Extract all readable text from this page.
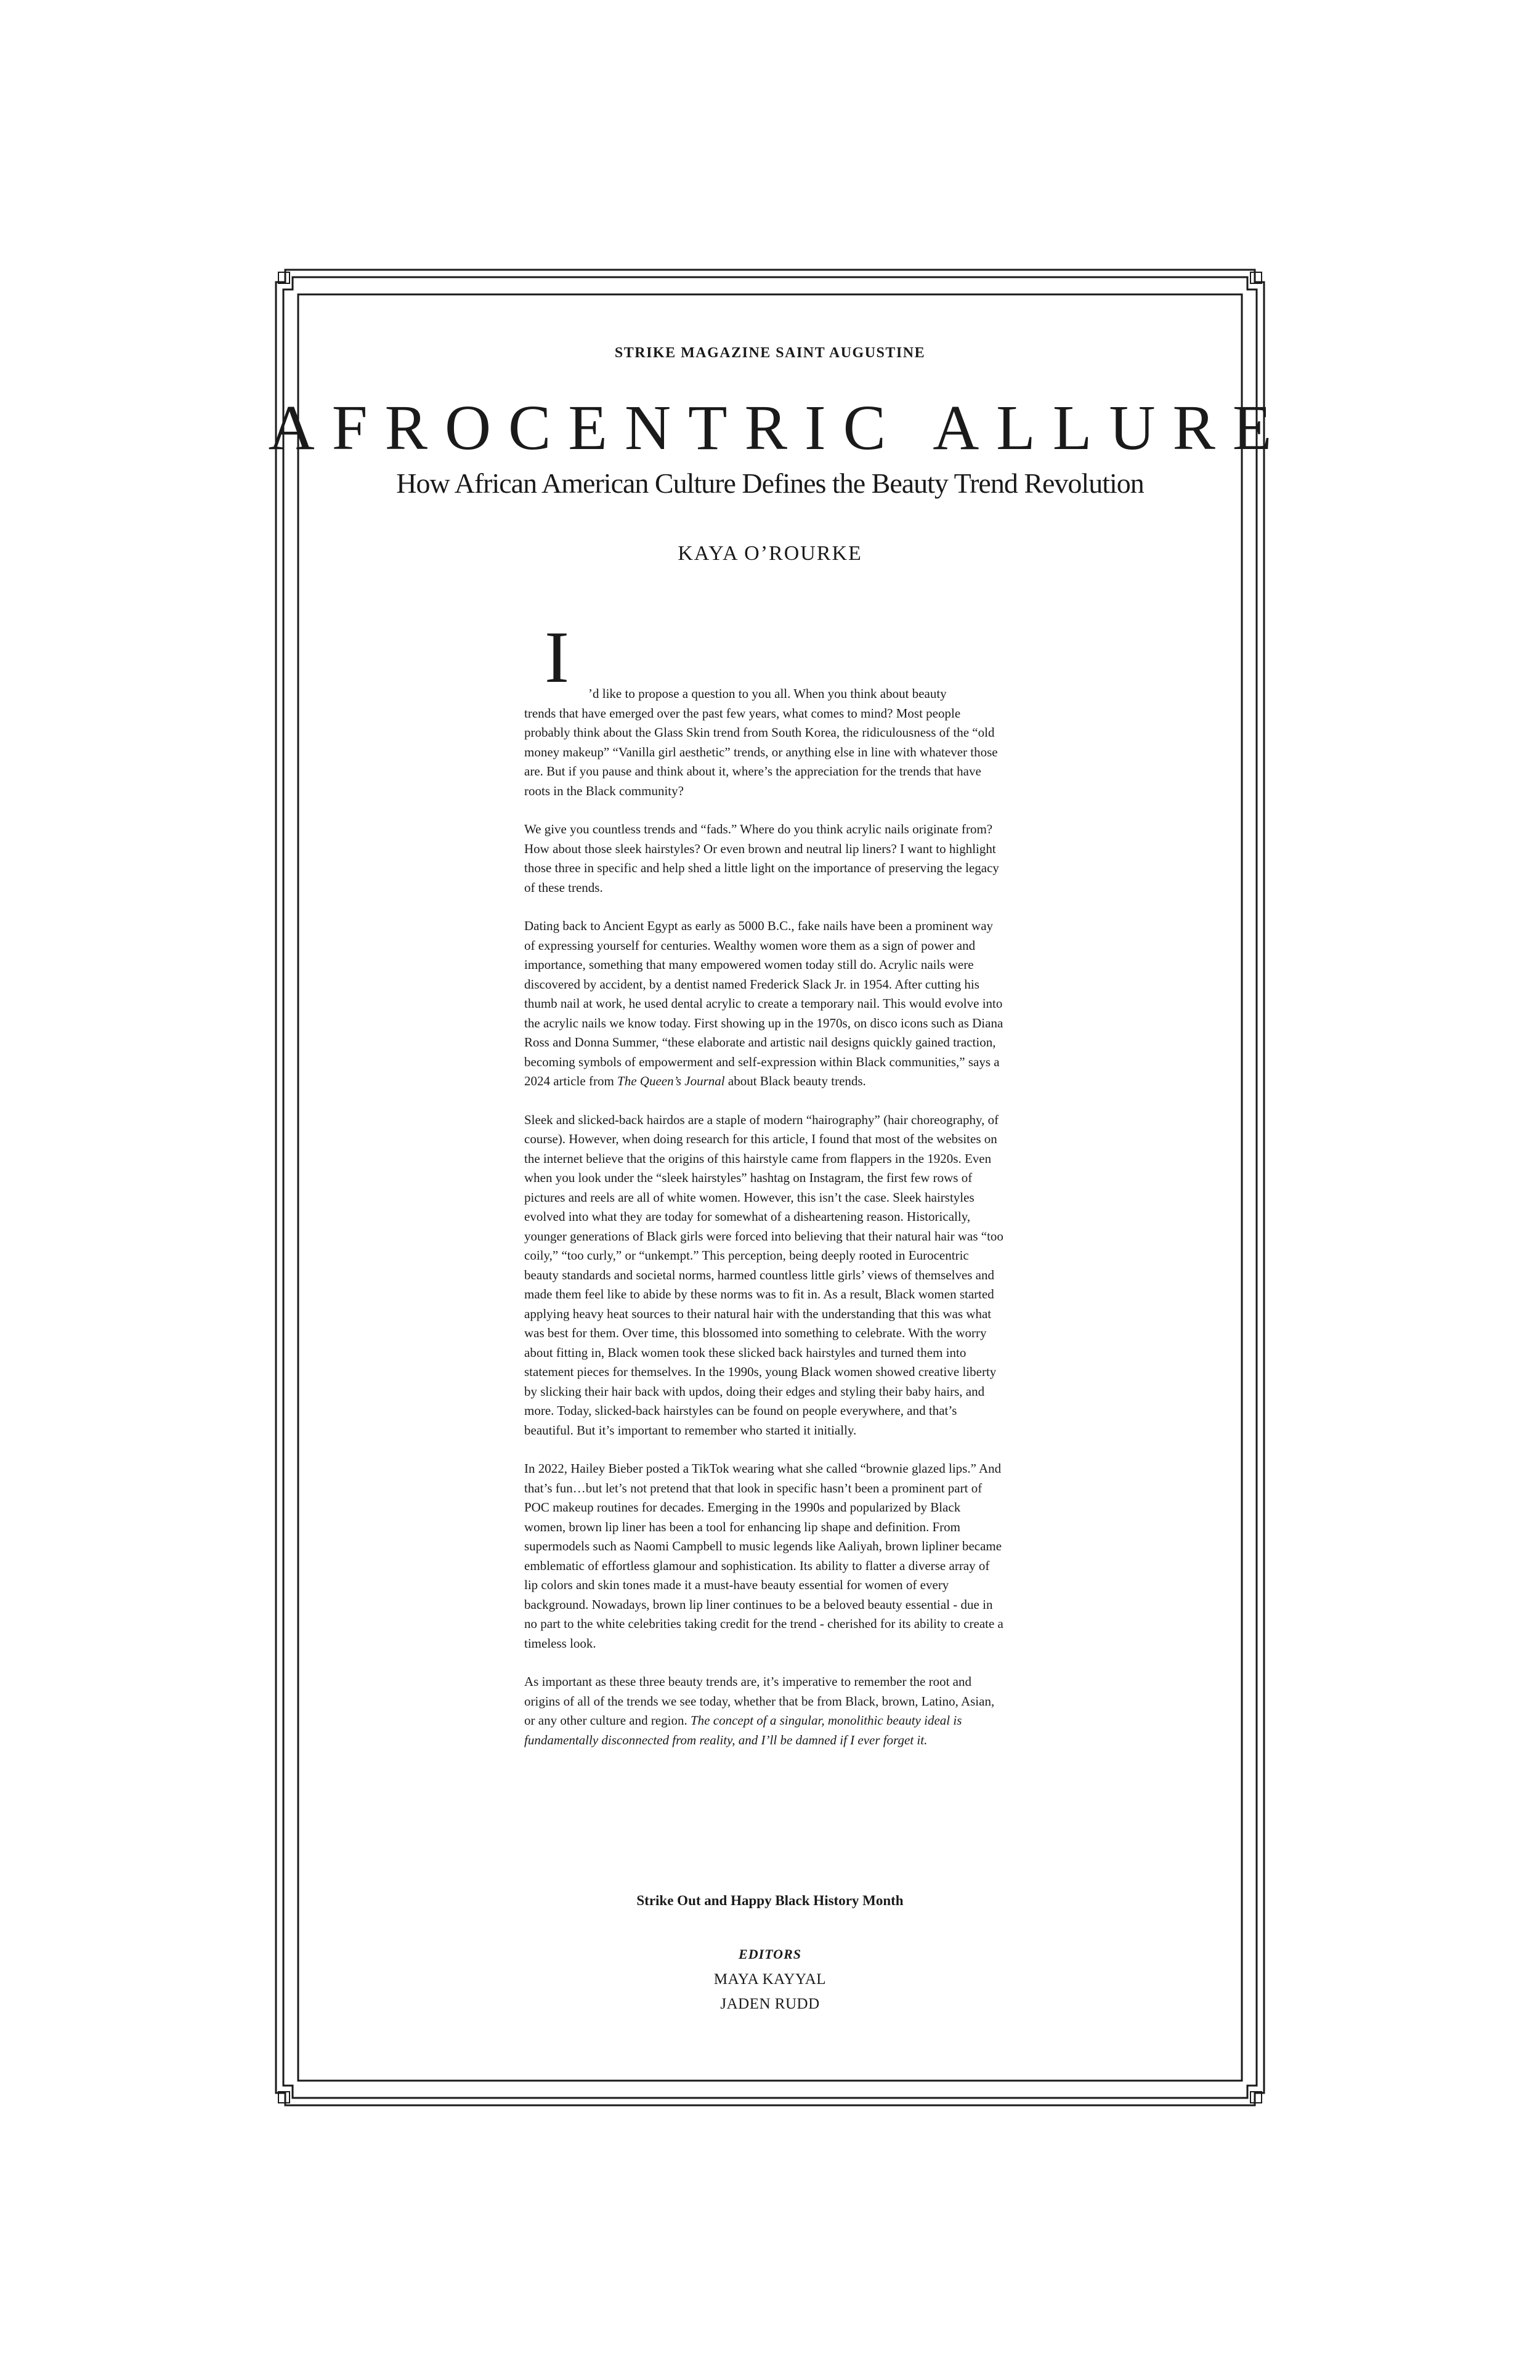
STRIKE MAGAZINE SAINT AUGUSTINE
AFROCENTRIC ALLURE
How African American Culture Defines the Beauty Trend Revolution
KAYA O’ROURKE

I	’d like to propose a question to you all. When you think about beauty
trends that have emerged over the past few years, what comes to mind? Most people probably think about the Glass Skin trend from South Korea, the ridiculousness of the “old money makeup” “Vanilla girl aesthetic” trends, or anything else in line with whatever those are. But if you pause and think about it, where’s the appreciation for the trends that have roots in the Black community?

We give you countless trends and “fads.” Where do you think acrylic nails originate from? How about those sleek hairstyles? Or even brown and neutral lip liners? I want to highlight those three in specific and help shed a little light on the importance of preserving the legacy of these trends.

Dating back to Ancient Egypt as early as 5000 B.C., fake nails have been a prominent way of expressing yourself for centuries. Wealthy women wore them as a sign of power and importance, something that many empowered women today still do. Acrylic nails were discovered by accident, by a dentist named Frederick Slack Jr. in 1954. After cutting his thumb nail at work, he used dental acrylic to create a temporary nail. This would evolve into the acrylic nails we know today. First showing up in the 1970s, on disco icons such as Diana Ross and Donna Summer, “these elaborate and artistic nail designs quickly gained traction, becoming symbols of empowerment and self-expression within Black communities,” says a 2024 article from The Queen’s Journal about Black beauty trends.

Sleek and slicked-back hairdos are a staple of modern “hairography” (hair choreography, of course). However, when doing research for this article, I found that most of the websites on the internet believe that the origins of this hairstyle came from flappers in the 1920s. Even when you look under the “sleek hairstyles” hashtag on Instagram, the first few rows of pictures and reels are all of white women. However, this isn’t the case. Sleek hairstyles evolved into what they are today for somewhat of a disheartening reason. Historically, younger generations of Black girls were forced into believing that their natural hair was “too coily,” “too curly,” or “unkempt.” This perception, being deeply rooted in Eurocentric beauty standards and societal norms, harmed countless little girls’ views of themselves and made them feel like to abide by these norms was to fit in. As a result, Black women started applying heavy heat sources to their natural hair with the understanding that this was what was best for them. Over time, this blossomed into something to celebrate. With the worry about fitting in, Black women took these slicked back hairstyles and turned them into statement pieces for themselves. In the 1990s, young Black women showed creative liberty by slicking their hair back with updos, doing their edges and styling their baby hairs, and more. Today, slicked-back hairstyles can be found on people everywhere, and that’s beautiful. But it’s important to remember who started it initially.

In 2022, Hailey Bieber posted a TikTok wearing what she called “brownie glazed lips.” And that’s fun…but let’s not pretend that that look in specific hasn’t been a prominent part of POC makeup routines for decades. Emerging in the 1990s and popularized by Black women, brown lip liner has been a tool for enhancing lip shape and definition. From supermodels such as Naomi Campbell to music legends like Aaliyah, brown lipliner became emblematic of effortless glamour and sophistication. Its ability to flatter a diverse array of lip colors and skin tones made it a must-have beauty essential for women of every background. Nowadays, brown lip liner continues to be a beloved beauty essential - due in no part to the white celebrities taking credit for the trend - cherished for its ability to create a timeless look.

As important as these three beauty trends are, it’s imperative to remember the root and origins of all of the trends we see today, whether that be from Black, brown, Latino, Asian, or any other culture and region. The concept of a singular, monolithic beauty ideal is fundamentally disconnected from reality, and I’ll be damned if I ever forget it.

Strike Out and Happy Black History Month
EDITORS
MAYA KAYYAL
JADEN RUDD
